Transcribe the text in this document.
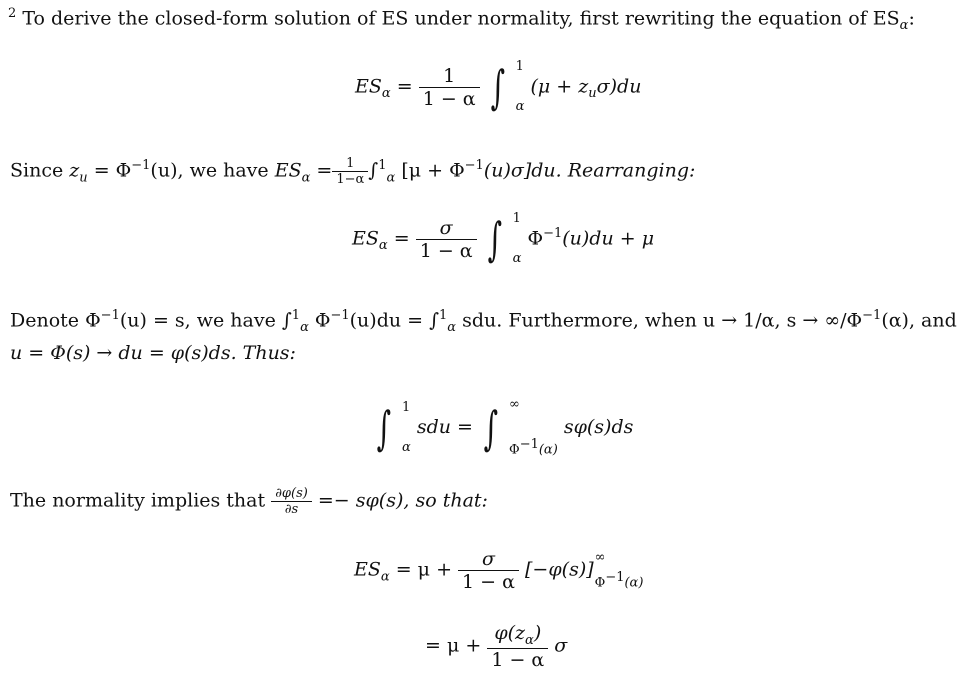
$^2$ To derive the closed-form solution of ES under normality, first rewriting the equation of $ES_\alpha$:
$ES_\alpha = \frac{1}{1 - \alpha}$ ∫ 1
α
$(\mu + z_u\sigma)du$
Since $z_u = \Phi^{-1}(u)$, we have $ES_\alpha = \frac{1}{1-\alpha} \int^1_\alpha$ $[\mu + \Phi^{-1}(u)\sigma]du$. Rearranging:
$ES_\alpha = \frac{\sigma}{1 - \alpha}$ ∫ 1
α
$\Phi^{-1}(u)du + \mu$
Denote $\Phi^{-1}(u) = s$, we have ∫$^1_\alpha$ $\Phi^{-1}(u)du = \int^1_\alpha$ sdu. Furthermore, when u → 1/α, $s \to \infty/\Phi^{-1}(\alpha)$, and
u = Φ(s) → du = φ(s)ds. Thus:
∫ 1
α
sdu = ∫ ∞
$\Phi^{-1}(\alpha)$
sφ(s)ds
The normality implies that $\frac{\partial\varphi(s)}{\partial s} =- s\varphi(s)$, so that:
$ES_\alpha = \mu + \frac{\sigma}{1 - \alpha} [-\varphi(s)]$
∞
$\Phi^{-1}(\alpha)$
= $\mu + \frac{\varphi(z_\alpha)}{1 - \alpha}$ σ
